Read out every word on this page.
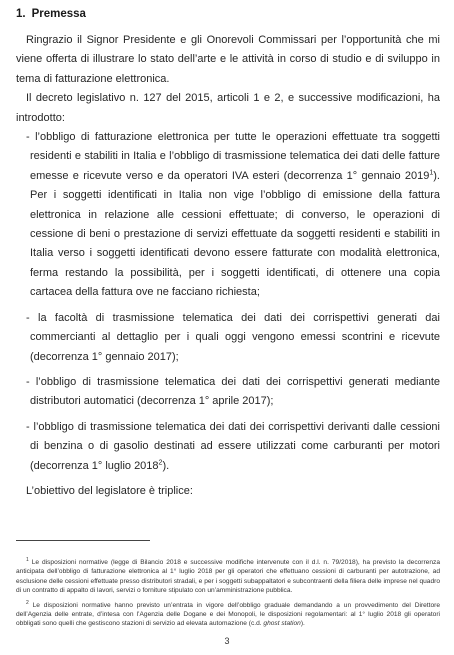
1. Premessa

Ringrazio il Signor Presidente e gli Onorevoli Commissari per l’opportunità che mi viene offerta di illustrare lo stato dell’arte e le attività in corso di studio e di sviluppo in tema di fatturazione elettronica.

Il decreto legislativo n. 127 del 2015, articoli 1 e 2, e successive modificazioni, ha introdotto:

- l’obbligo di fatturazione elettronica per tutte le operazioni effettuate tra soggetti residenti e stabiliti in Italia e l’obbligo di trasmissione telematica dei dati delle fatture emesse e ricevute verso e da operatori IVA esteri (decorrenza 1° gennaio 2019$^1$). Per i soggetti identificati in Italia non vige l’obbligo di emissione della fattura elettronica in relazione alle cessioni effettuate; di converso, le operazioni di cessione di beni o prestazione di servizi effettuate da soggetti residenti e stabiliti in Italia verso i soggetti identificati devono essere fatturate con modalità elettronica, ferma restando la possibilità, per i soggetti identificati, di ottenere una copia cartacea della fattura ove ne facciano richiesta;

- la facoltà di trasmissione telematica dei dati dei corrispettivi generati dai commercianti al dettaglio per i quali oggi vengono emessi scontrini e ricevute (decorrenza 1° gennaio 2017);

- l’obbligo di trasmissione telematica dei dati dei corrispettivi generati mediante distributori automatici (decorrenza 1° aprile 2017);

- l’obbligo di trasmissione telematica dei dati dei corrispettivi derivanti dalle cessioni di benzina o di gasolio destinati ad essere utilizzati come carburanti per motori (decorrenza 1° luglio 2018$^2$).

L’obiettivo del legislatore è triplice:

$^1$ Le disposizioni normative (legge di Bilancio 2018 e successive modifiche intervenute con il d.l. n. 79/2018), ha previsto la decorrenza anticipata dell’obbligo di fatturazione elettronica al 1° luglio 2018 per gli operatori che effettuano cessioni di carburanti per autotrazione, ad esclusione delle cessioni effettuate presso distributori stradali, e per i soggetti subappaltatori e subcontraenti della filiera delle imprese nel quadro di un contratto di appalto di lavori, servizi o forniture stipulato con un’amministrazione pubblica.

$^2$ Le disposizioni normative hanno previsto un’entrata in vigore dell’obbligo graduale demandando a un provvedimento del Direttore dell’Agenzia delle entrate, d’intesa con l’Agenzia delle Dogane e dei Monopoli, le disposizioni regolamentari: al 1° luglio 2018 gli operatori obbligati sono quelli che gestiscono stazioni di servizio ad elevata automazione (c.d. ghost station).

3
